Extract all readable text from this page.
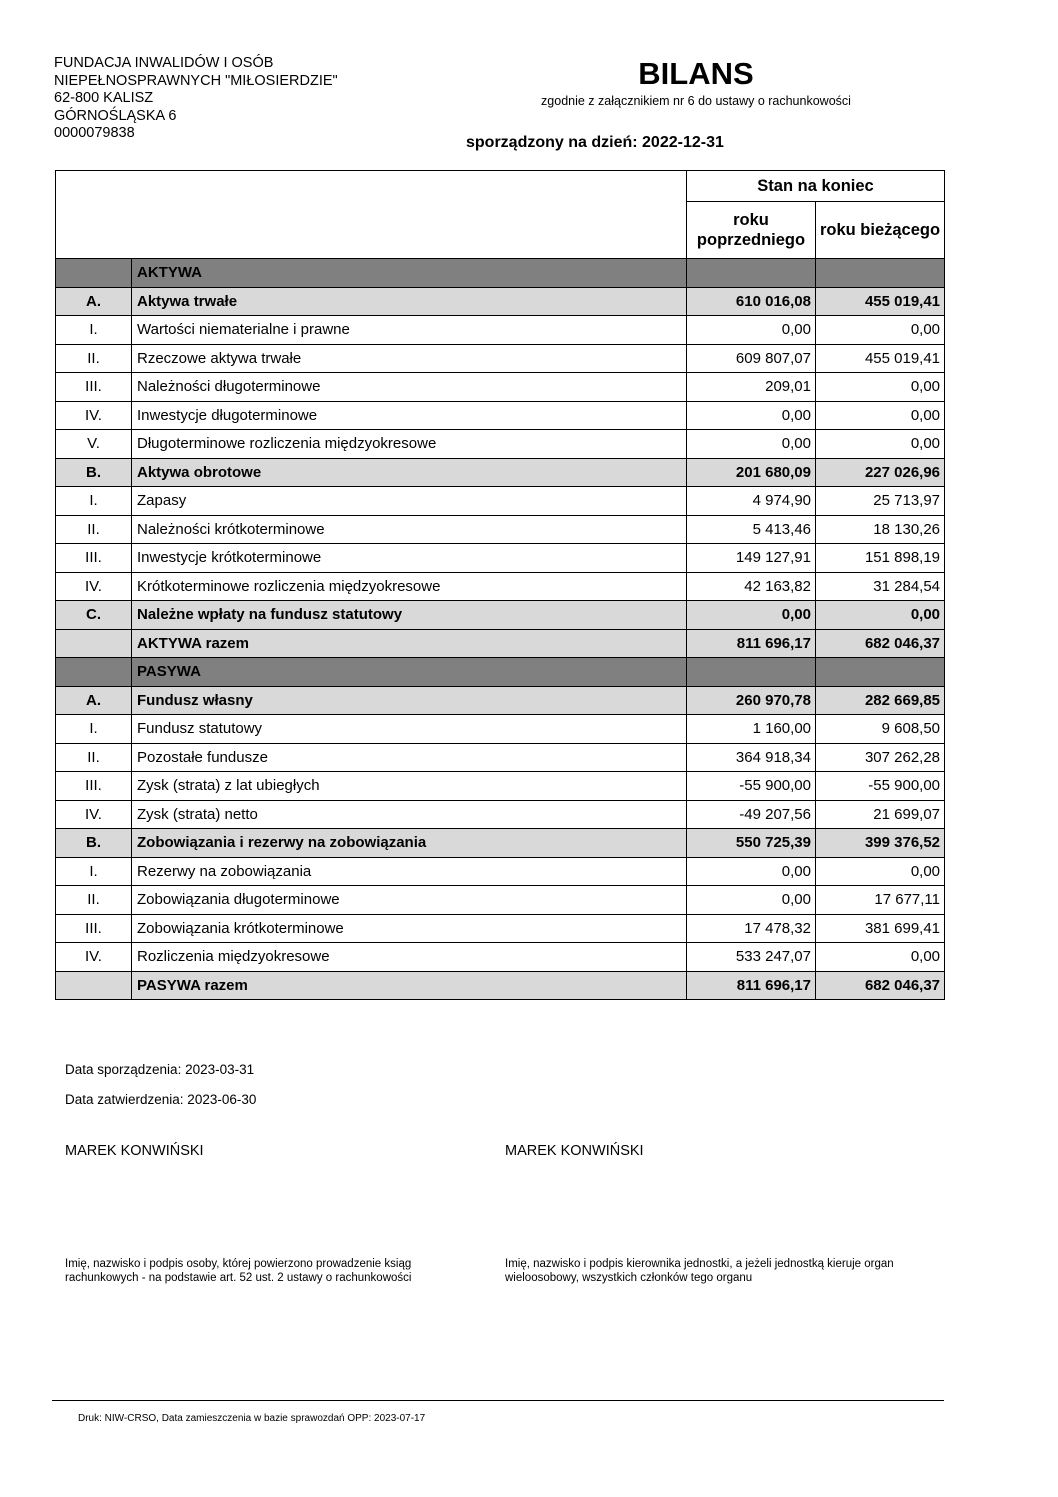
FUNDACJA INWALIDÓW I OSÓB
NIEPEŁNOSPRAWNYCH "MIŁOSIERDZIE"
62-800 KALISZ
GÓRNOŚLĄSKA 6
0000079838
BILANS
zgodnie z załącznikiem nr 6 do ustawy o rachunkowości
sporządzony na dzień: 2022-12-31
		Stan na koniec	
		roku poprzedniego	roku bieżącego
	AKTYWA		
A.	Aktywa trwałe	610 016,08	455 019,41
I.	Wartości niematerialne i prawne	0,00	0,00
II.	Rzeczowe aktywa trwałe	609 807,07	455 019,41
III.	Należności długoterminowe	209,01	0,00
IV.	Inwestycje długoterminowe	0,00	0,00
V.	Długoterminowe rozliczenia międzyokresowe	0,00	0,00
B.	Aktywa obrotowe	201 680,09	227 026,96
I.	Zapasy	4 974,90	25 713,97
II.	Należności krótkoterminowe	5 413,46	18 130,26
III.	Inwestycje krótkoterminowe	149 127,91	151 898,19
IV.	Krótkoterminowe rozliczenia międzyokresowe	42 163,82	31 284,54
C.	Należne wpłaty na fundusz statutowy	0,00	0,00
	AKTYWA razem	811 696,17	682 046,37
	PASYWA		
A.	Fundusz własny	260 970,78	282 669,85
I.	Fundusz statutowy	1 160,00	9 608,50
II.	Pozostałe fundusze	364 918,34	307 262,28
III.	Zysk (strata) z lat ubiegłych	-55 900,00	-55 900,00
IV.	Zysk (strata) netto	-49 207,56	21 699,07
B.	Zobowiązania i rezerwy na zobowiązania	550 725,39	399 376,52
I.	Rezerwy na zobowiązania	0,00	0,00
II.	Zobowiązania długoterminowe	0,00	17 677,11
III.	Zobowiązania krótkoterminowe	17 478,32	381 699,41
IV.	Rozliczenia międzyokresowe	533 247,07	0,00
	PASYWA razem	811 696,17	682 046,37
Data sporządzenia: 2023-03-31
Data zatwierdzenia: 2023-06-30
MAREK KONWIŃSKI	MAREK KONWIŃSKI
Imię, nazwisko i podpis osoby, której powierzono prowadzenie ksiąg rachunkowych - na podstawie art. 52 ust. 2 ustawy o rachunkowości
Imię, nazwisko i podpis kierownika jednostki, a jeżeli jednostką kieruje organ wieloosobowy, wszystkich członków tego organu
Druk: NIW-CRSO, Data zamieszczenia w bazie sprawozdań OPP: 2023-07-17
